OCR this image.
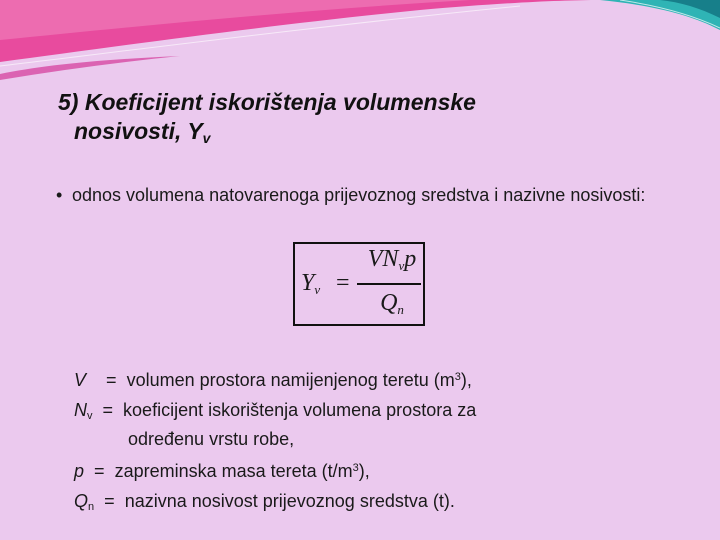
5) Koeficijent iskorištenja volumenske
nosivosti, $Y_v$
• odnos volumena natovarenoga prijevoznog sredstva i nazivne nosivosti:
$Y_v$ =
$VN_vp$
$Q_n$
V = volumen prostora namijenjenog teretu $(m^3)$,
$N_v$ = koeficijent iskorištenja volumena prostora za
određenu vrstu robe,
p = zapreminska masa tereta $(t/m^3)$,
$Q_n$ = nazivna nosivost prijevoznog sredstva (t).
